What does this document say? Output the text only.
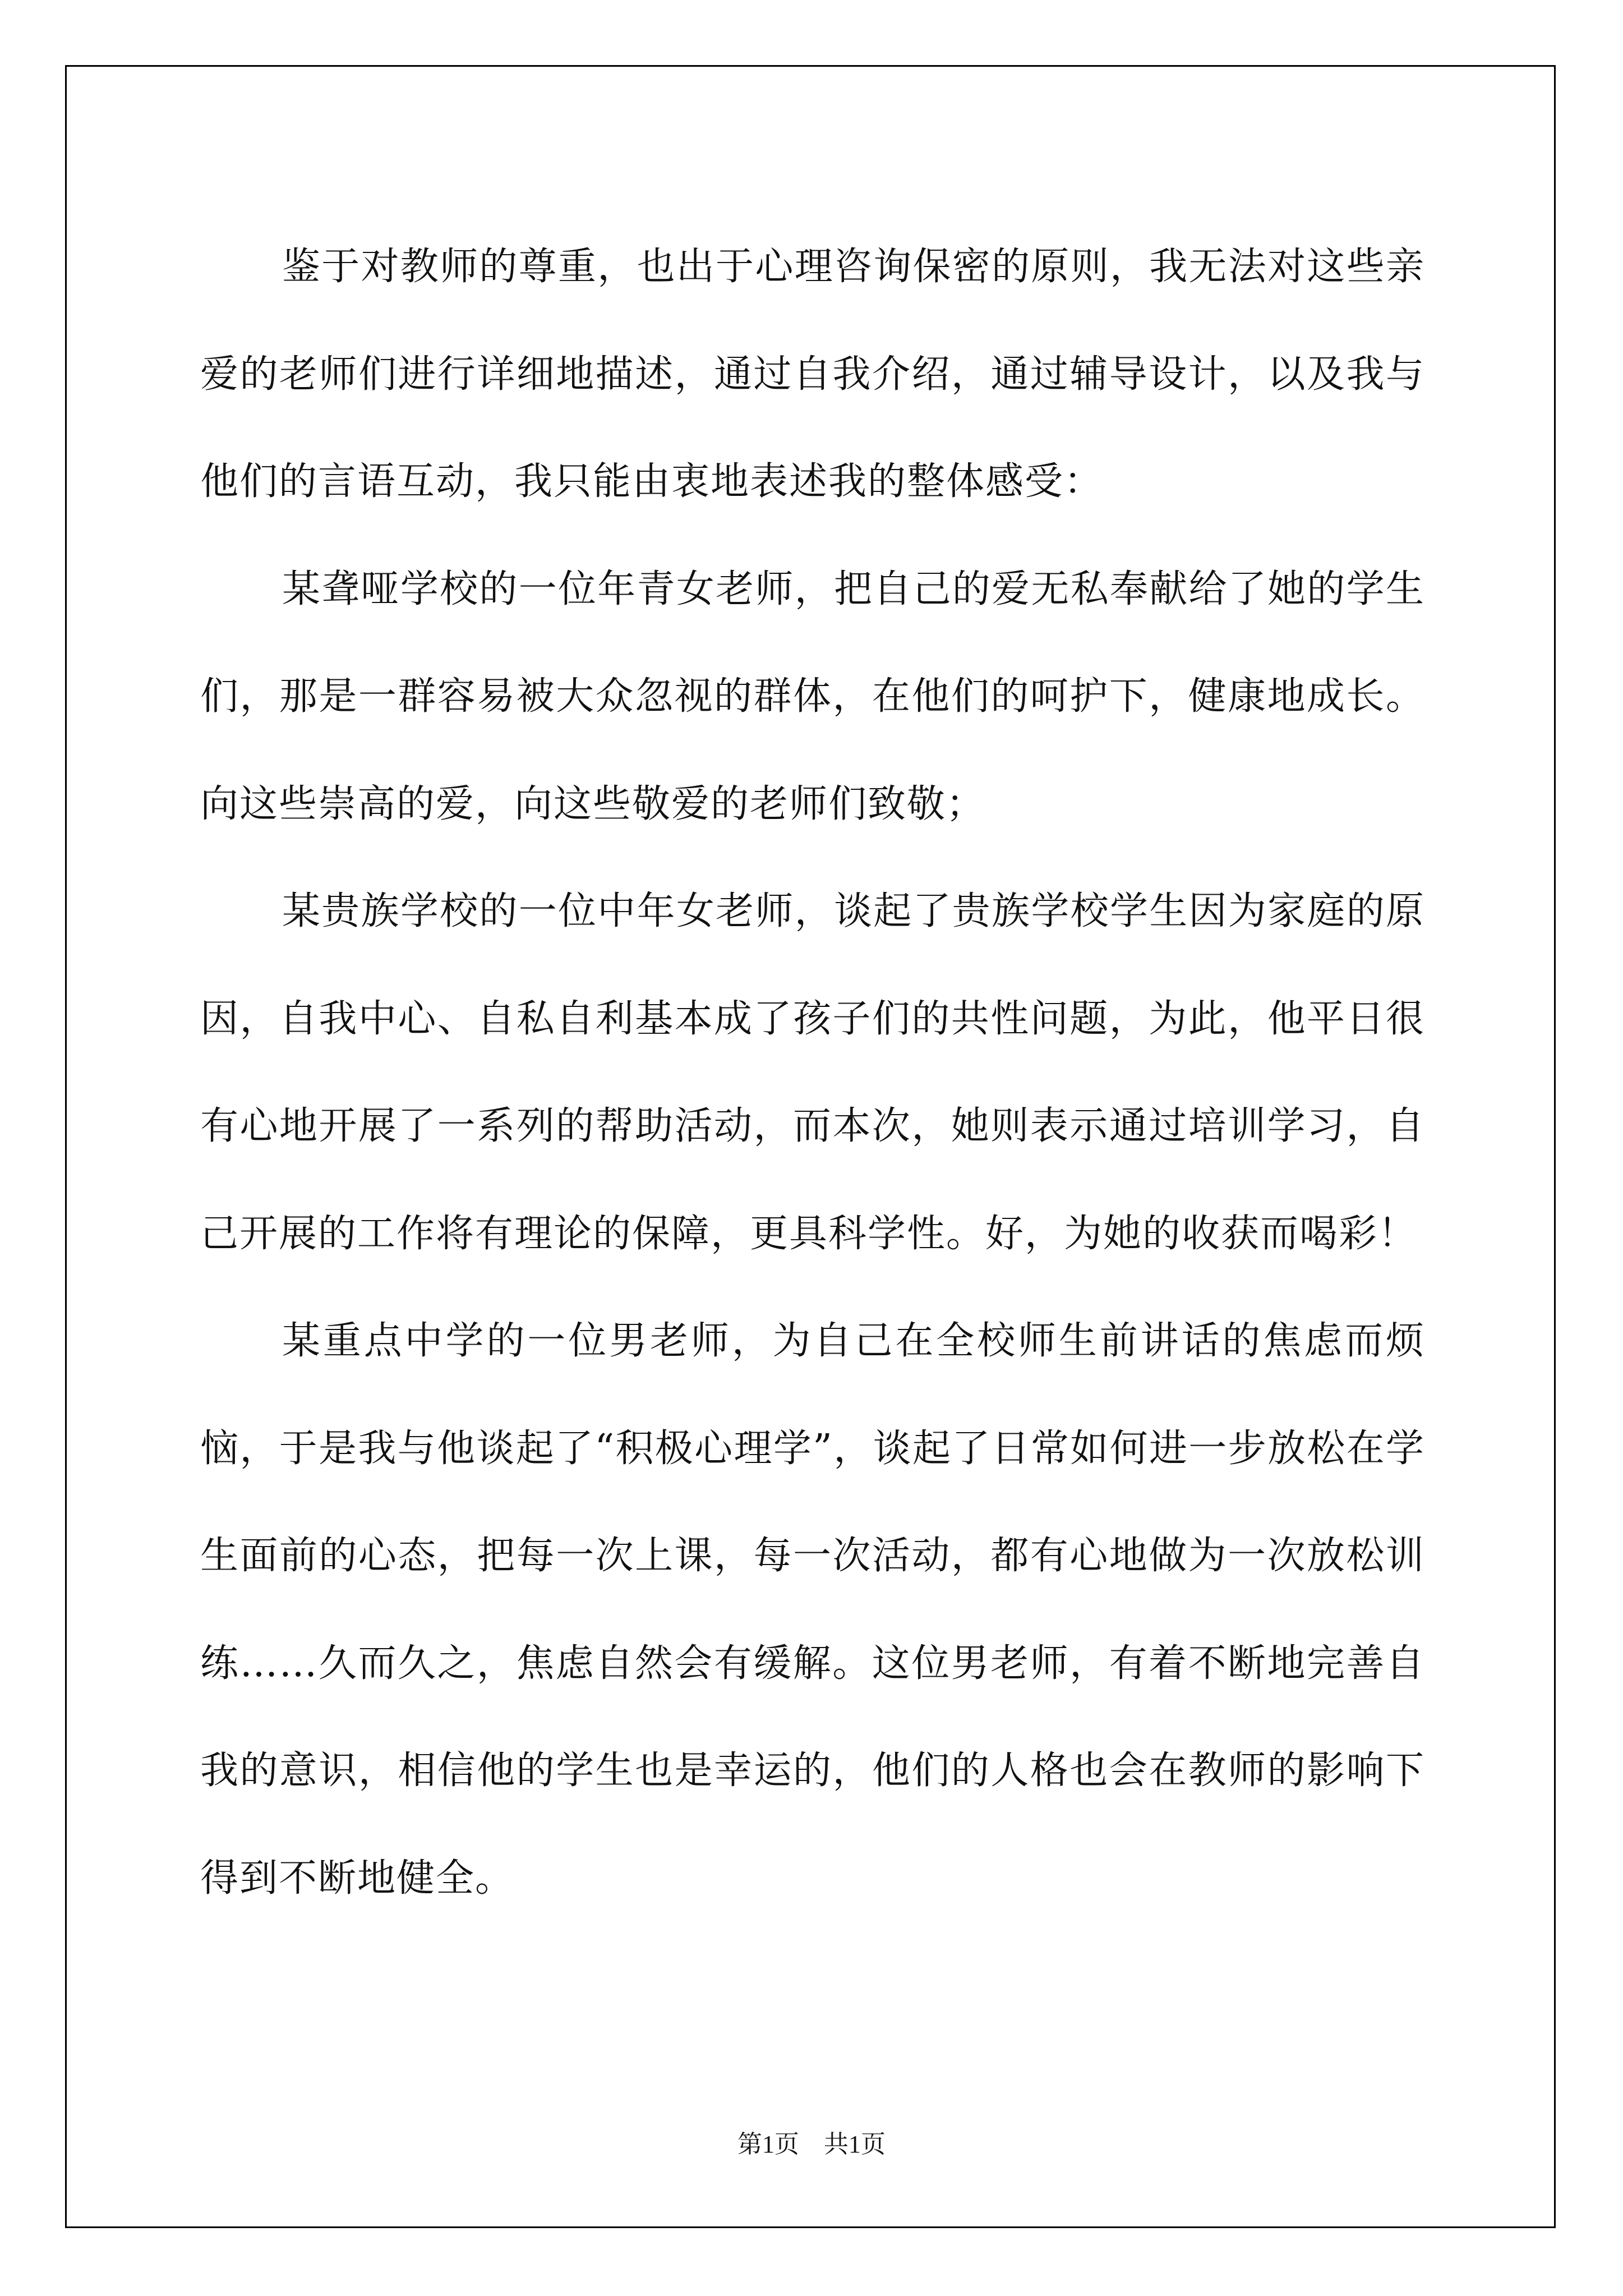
鉴于对教师的尊重，也出于心理咨询保密的原则，我无法对这些亲爱的老师们进行详细地描述，通过自我介绍，通过辅导设计，以及我与他们的言语互动，我只能由衷地表述我的整体感受：

某聋哑学校的一位年青女老师，把自己的爱无私奉献给了她的学生们，那是一群容易被大众忽视的群体，在他们的呵护下，健康地成长。向这些崇高的爱，向这些敬爱的老师们致敬；

某贵族学校的一位中年女老师，谈起了贵族学校学生因为家庭的原因，自我中心、自私自利基本成了孩子们的共性问题，为此，他平日很有心地开展了一系列的帮助活动，而本次，她则表示通过培训学习，自己开展的工作将有理论的保障，更具科学性。好，为她的收获而喝彩！

某重点中学的一位男老师，为自己在全校师生前讲话的焦虑而烦恼，于是我与他谈起了“积极心理学”，谈起了日常如何进一步放松在学生面前的心态，把每一次上课，每一次活动，都有心地做为一次放松训练……久而久之，焦虑自然会有缓解。这位男老师，有着不断地完善自我的意识，相信他的学生也是幸运的，他们的人格也会在教师的影响下得到不断地健全。

第1页　共1页
